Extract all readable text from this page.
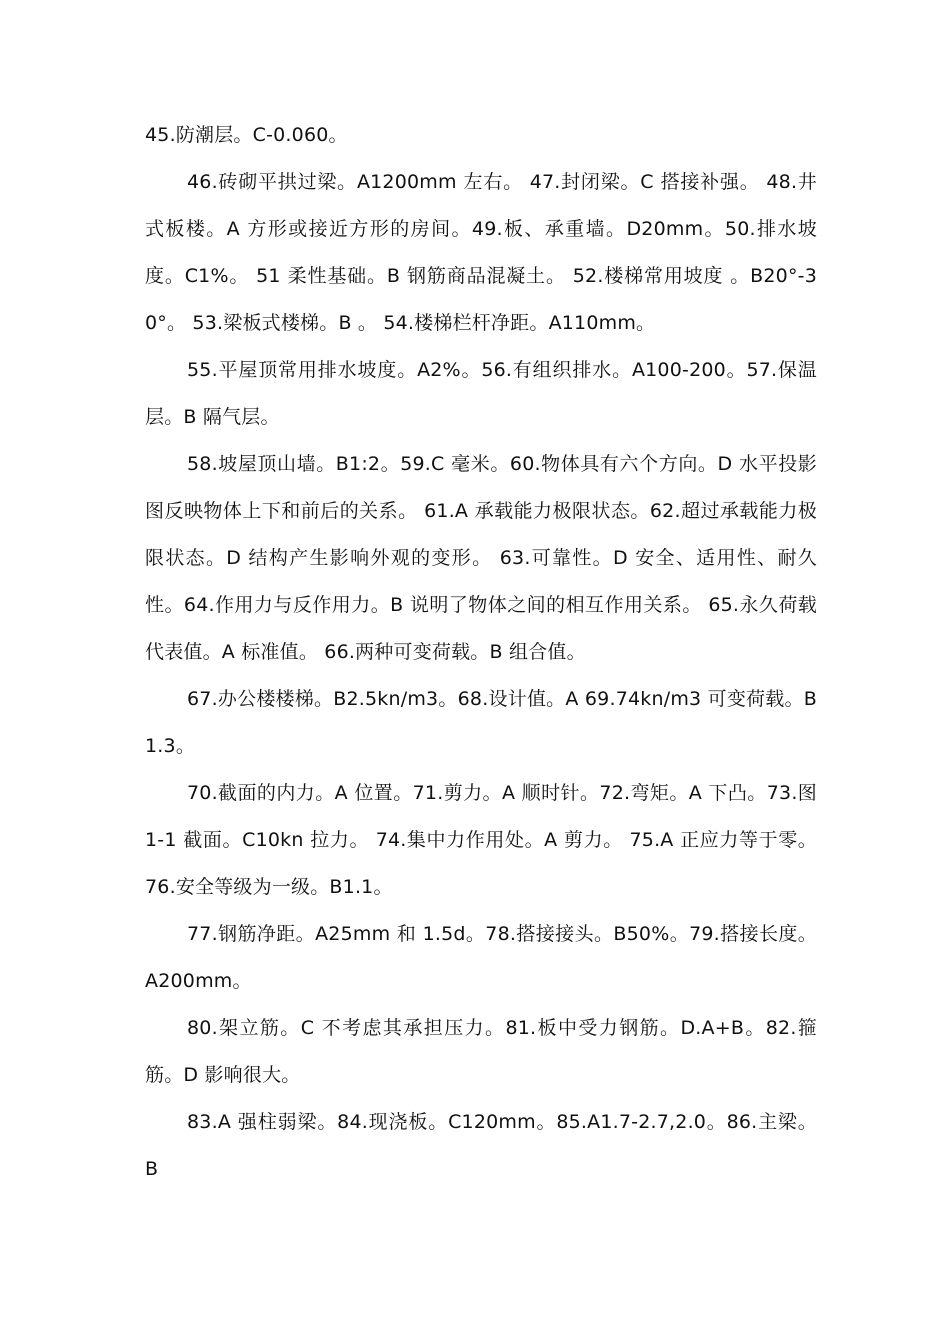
45.防潮层。C-0.060。

46.砖砌平拱过梁。A1200mm 左右。 47.封闭梁。C 搭接补强。 48.井式板楼。A 方形或接近方形的房间。49.板、承重墙。D20mm。50.排水坡度。C1%。 51 柔性基础。B 钢筋商品混凝土。 52.楼梯常用坡度 。B20°-30°。 53.梁板式楼梯。B 。 54.楼梯栏杆净距。A110mm。

55.平屋顶常用排水坡度。A2%。56.有组织排水。A100-200。57.保温层。B 隔气层。

58.坡屋顶山墙。B1:2。59.C 毫米。60.物体具有六个方向。D 水平投影图反映物体上下和前后的关系。 61.A 承载能力极限状态。62.超过承载能力极限状态。D 结构产生影响外观的变形。 63.可靠性。D 安全、适用性、耐久性。64.作用力与反作用力。B 说明了物体之间的相互作用关系。 65.永久荷载代表值。A 标准值。 66.两种可变荷载。B 组合值。

67.办公楼楼梯。B2.5kn/m3。68.设计值。A 69.74kn/m3 可变荷载。B1.3。

70.截面的内力。A 位置。71.剪力。A 顺时针。72.弯矩。A 下凸。73.图 1-1 截面。C10kn 拉力。 74.集中力作用处。A 剪力。 75.A 正应力等于零。 76.安全等级为一级。B1.1。

77.钢筋净距。A25mm 和 1.5d。78.搭接接头。B50%。79.搭接长度。A200mm。

80.架立筋。C 不考虑其承担压力。81.板中受力钢筋。D.A+B。82.箍筋。D 影响很大。

83.A 强柱弱梁。84.现浇板。C120mm。85.A1.7-2.7,2.0。86.主梁。B
